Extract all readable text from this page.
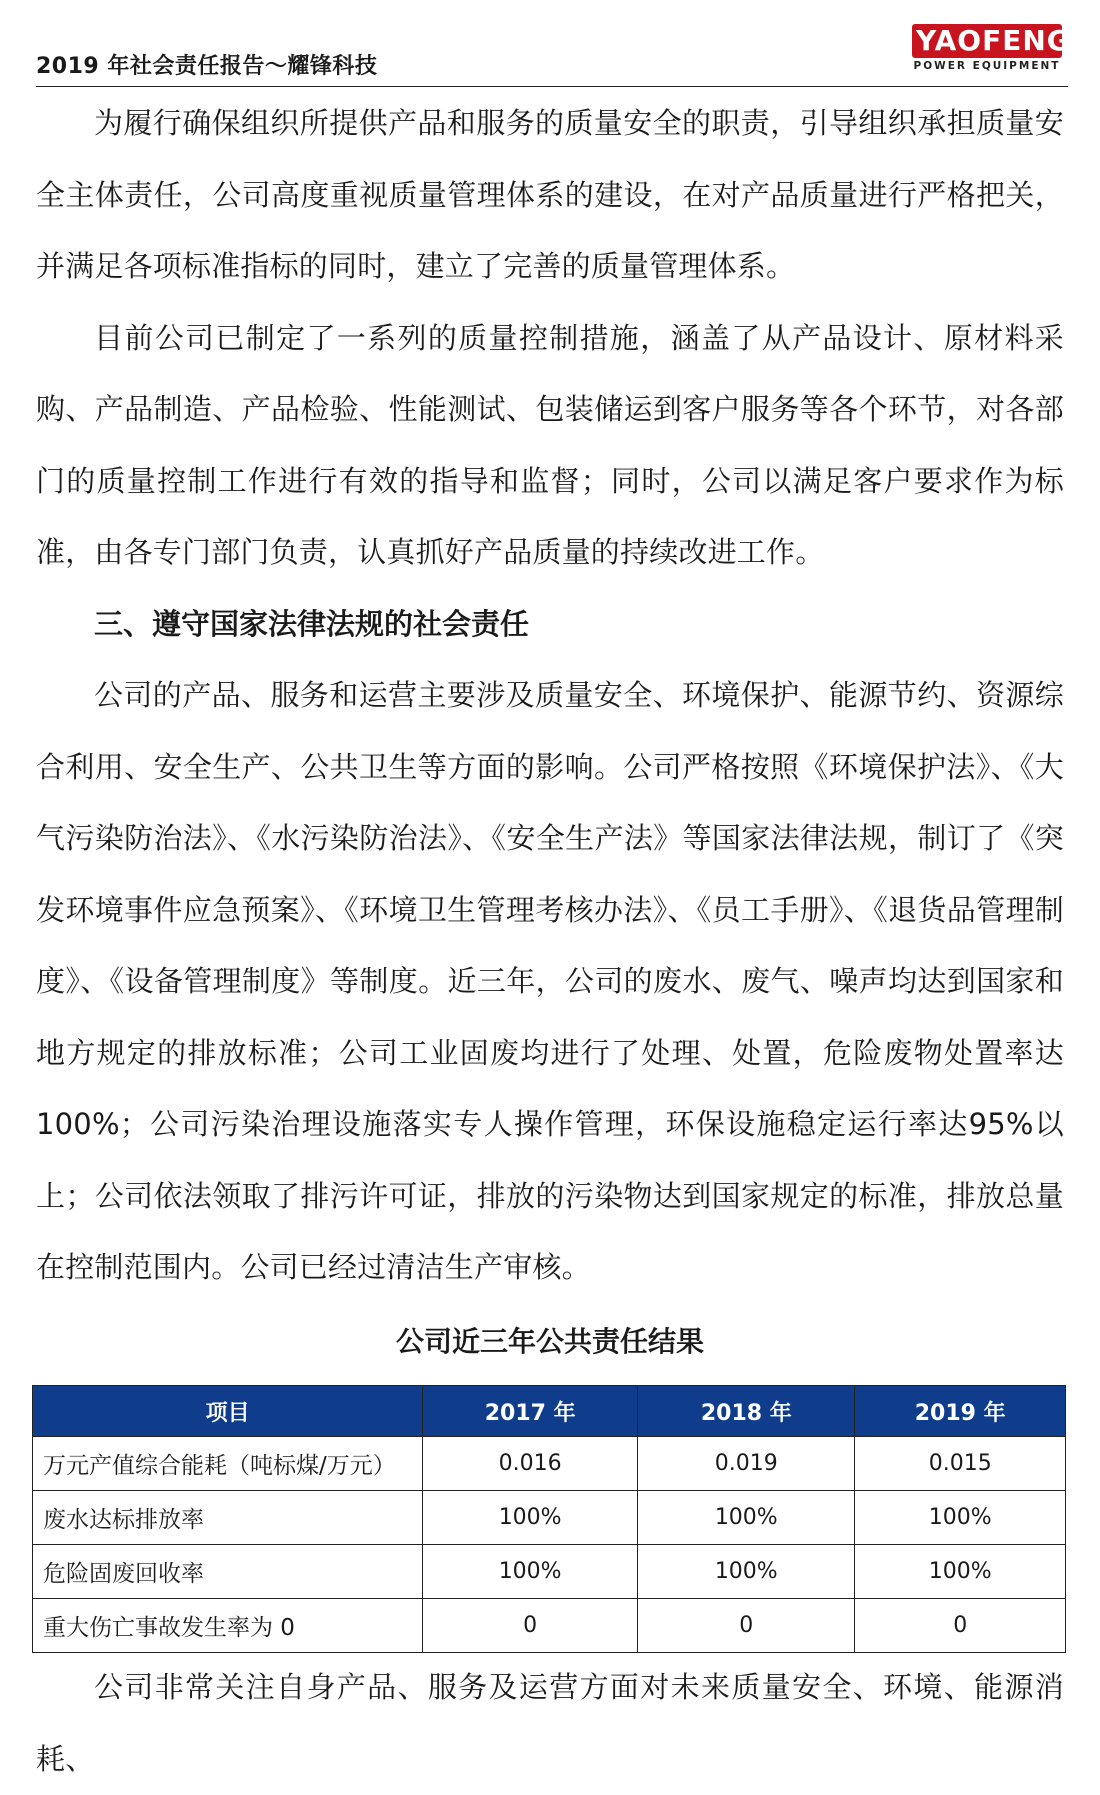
2019 年社会责任报告～耀锋科技
YAOFENG
POWER EQUIPMENT

为履行确保组织所提供产品和服务的质量安全的职责，引导组织承担质量安全主体责任，公司高度重视质量管理体系的建设，在对产品质量进行严格把关，并满足各项标准指标的同时，建立了完善的质量管理体系。

目前公司已制定了一系列的质量控制措施，涵盖了从产品设计、原材料采购、产品制造、产品检验、性能测试、包装储运到客户服务等各个环节，对各部门的质量控制工作进行有效的指导和监督；同时，公司以满足客户要求作为标准，由各专门部门负责，认真抓好产品质量的持续改进工作。

三、遵守国家法律法规的社会责任

公司的产品、服务和运营主要涉及质量安全、环境保护、能源节约、资源综合利用、安全生产、公共卫生等方面的影响。公司严格按照《环境保护法》、《大气污染防治法》、《水污染防治法》、《安全生产法》等国家法律法规，制订了《突发环境事件应急预案》、《环境卫生管理考核办法》、《员工手册》、《退货品管理制度》、《设备管理制度》等制度。近三年，公司的废水、废气、噪声均达到国家和地方规定的排放标准；公司工业固废均进行了处理、处置，危险废物处置率达100%；公司污染治理设施落实专人操作管理，环保设施稳定运行率达95%以上；公司依法领取了排污许可证，排放的污染物达到国家规定的标准，排放总量在控制范围内。公司已经过清洁生产审核。

公司近三年公共责任结果
项目	2017 年	2018 年	2019 年
万元产值综合能耗（吨标煤/万元）	0.016	0.019	0.015
废水达标排放率	100%	100%	100%
危险固废回收率	100%	100%	100%
重大伤亡事故发生率为 0	0	0	0

公司非常关注自身产品、服务及运营方面对未来质量安全、环境、能源消耗、
